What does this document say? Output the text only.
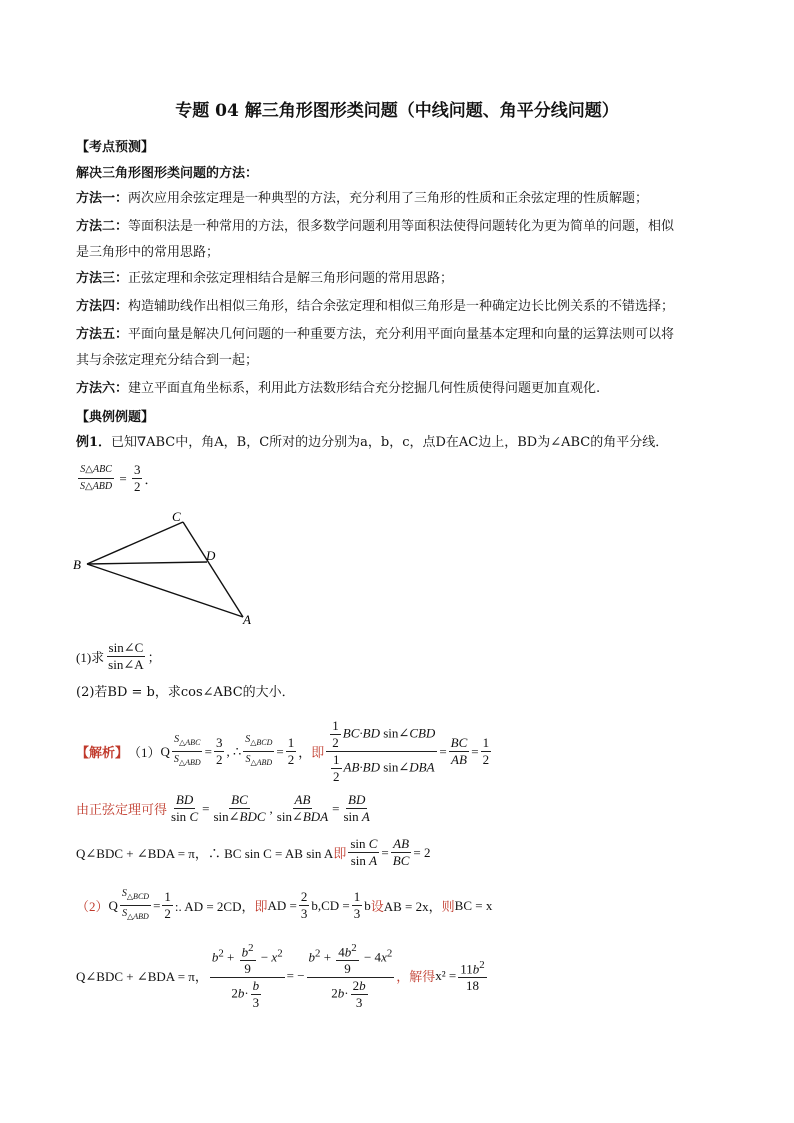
专题 04 解三角形图形类问题（中线问题、角平分线问题）
【考点预测】
解决三角形图形类问题的方法：
方法一：两次应用余弦定理是一种典型的方法，充分利用了三角形的性质和正余弦定理的性质解题；
方法二：等面积法是一种常用的方法，很多数学问题利用等面积法使得问题转化为更为简单的问题，相似
是三角形中的常用思路；
方法三：正弦定理和余弦定理相结合是解三角形问题的常用思路；
方法四：构造辅助线作出相似三角形，结合余弦定理和相似三角形是一种确定边长比例关系的不错选择；
方法五：平面向量是解决几何问题的一种重要方法，充分利用平面向量基本定理和向量的运算法则可以将
其与余弦定理充分结合到一起；
方法六：建立平面直角坐标系，利用此方法数形结合充分挖掘几何性质使得问题更加直观化.
【典例例题】
例1．已知∇ABC中，角A，B，C所对的边分别为a，b，c，点D在AC边上，BD为∠ABC的角平分线．
$\frac{\text{S△ABC}}{\text{S△ABD}} = \frac{3}{2}$ ．
C
D
B
A
(1)求 $\frac{\sin\angle C}{\sin\angle A}$ ；
(2)若BD = b，求cos∠ABC的大小．
【解析】 （1） Q $\frac{S_{\triangle ABC}}{S_{\triangle ABD}} = \frac{3}{2}$ , ∴ $\frac{S_{\triangle BCD}}{S_{\triangle ABD}} = \frac{1}{2}$ ， 即 $\frac{\frac{1}{2} BC\cdot BD \sin\angle CBD}{\frac{1}{2} AB\cdot BD \sin\angle DBA} = \frac{BC}{AB} = \frac{1}{2}$
由正弦定理可得 $\frac{BD}{\text{sin C}} = \frac{BC}{\text{sin∠BDC}}$ , $\frac{AB}{\text{sin∠BDA}} = \frac{BD}{\text{sin A}}$
Q∠BDC + ∠BDA = π，∴ BC sin C = AB sin A 即 $\frac{\text{sin C}}{\text{sin A}} = \frac{AB}{BC} = 2$
（2） Q $\frac{S_{\triangle BCD}}{S_{\triangle ABD}} = \frac{1}{2}$ :. AD = 2CD， 即 AD = $\frac{2}{3} b,CD = \frac{1}{3}$ b 设 AB = 2x， 则 BC = x
Q∠BDC + ∠BDA = π， $\frac{b^2 + \frac{b^2}{9} - x^2}{2b\cdot \frac{b}{3}}$ = − $\frac{b^2 + \frac{4b^2}{9} - 4x^2}{2b\cdot \frac{2b}{3}}$ ，解得 $x^2 = \frac{11b^2}{18}$
